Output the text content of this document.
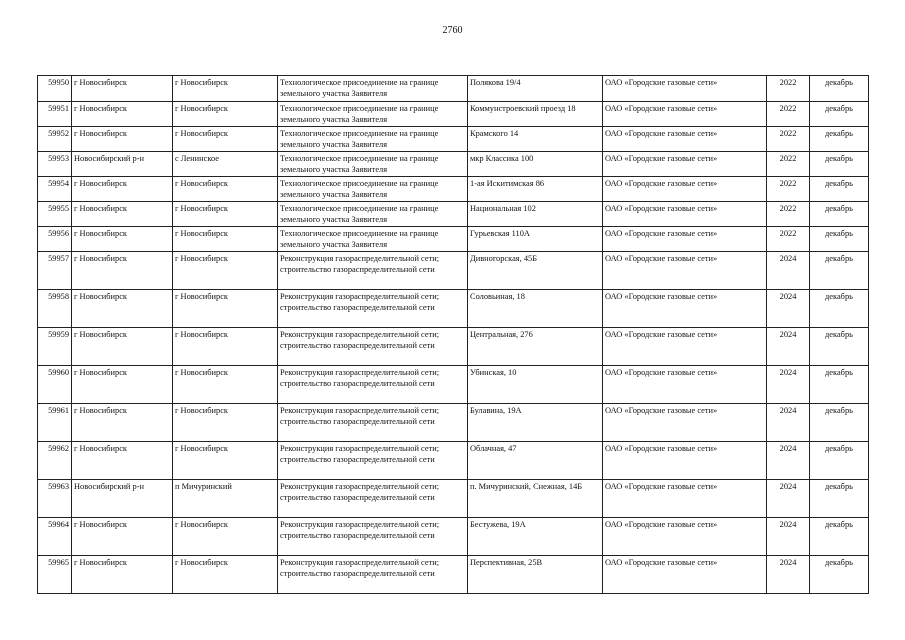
2760
59950	г Новосибирск	г Новосибирск	Технологическое присоединение на границе земельного участка Заявителя	Полякова 19/4	ОАО «Городские газовые сети»	2022	декабрь
59951	г Новосибирск	г Новосибирск	Технологическое присоединение на границе земельного участка Заявителя	Коммунстроевский проезд 18	ОАО «Городские газовые сети»	2022	декабрь
59952	г Новосибирск	г Новосибирск	Технологическое присоединение на границе земельного участка Заявителя	Крамского 14	ОАО «Городские газовые сети»	2022	декабрь
59953	Новосибирский р-н	с Ленинское	Технологическое присоединение на границе земельного участка Заявителя	мкр Классика 100	ОАО «Городские газовые сети»	2022	декабрь
59954	г Новосибирск	г Новосибирск	Технологическое присоединение на границе земельного участка Заявителя	1-ая Искитимская 86	ОАО «Городские газовые сети»	2022	декабрь
59955	г Новосибирск	г Новосибирск	Технологическое присоединение на границе земельного участка Заявителя	Национальная 102	ОАО «Городские газовые сети»	2022	декабрь
59956	г Новосибирск	г Новосибирск	Технологическое присоединение на границе земельного участка Заявителя	Гурьевская 110А	ОАО «Городские газовые сети»	2022	декабрь
59957	г Новосибирск	г Новосибирск	Реконструкция газораспределительной сети; строительство газораспределительной сети	Дивногорская, 45Б	ОАО «Городские газовые сети»	2024	декабрь
59958	г Новосибирск	г Новосибирск	Реконструкция газораспределительной сети; строительство газораспределительной сети	Соловьиная, 18	ОАО «Городские газовые сети»	2024	декабрь
59959	г Новосибирск	г Новосибирск	Реконструкция газораспределительной сети; строительство газораспределительной сети	Центральная, 276	ОАО «Городские газовые сети»	2024	декабрь
59960	г Новосибирск	г Новосибирск	Реконструкция газораспределительной сети; строительство газораспределительной сети	Убинская, 10	ОАО «Городские газовые сети»	2024	декабрь
59961	г Новосибирск	г Новосибирск	Реконструкция газораспределительной сети; строительство газораспределительной сети	Булавина, 19А	ОАО «Городские газовые сети»	2024	декабрь
59962	г Новосибирск	г Новосибирск	Реконструкция газораспределительной сети; строительство газораспределительной сети	Облачная, 47	ОАО «Городские газовые сети»	2024	декабрь
59963	Новосибирский р-н	п Мичуринский	Реконструкция газораспределительной сети; строительство газораспределительной сети	п. Мичуринский, Снежная, 14Б	ОАО «Городские газовые сети»	2024	декабрь
59964	г Новосибирск	г Новосибирск	Реконструкция газораспределительной сети; строительство газораспределительной сети	Бестужева, 19А	ОАО «Городские газовые сети»	2024	декабрь
59965	г Новосибирск	г Новосибирск	Реконструкция газораспределительной сети; строительство газораспределительной сети	Перспективная, 25В	ОАО «Городские газовые сети»	2024	декабрь
